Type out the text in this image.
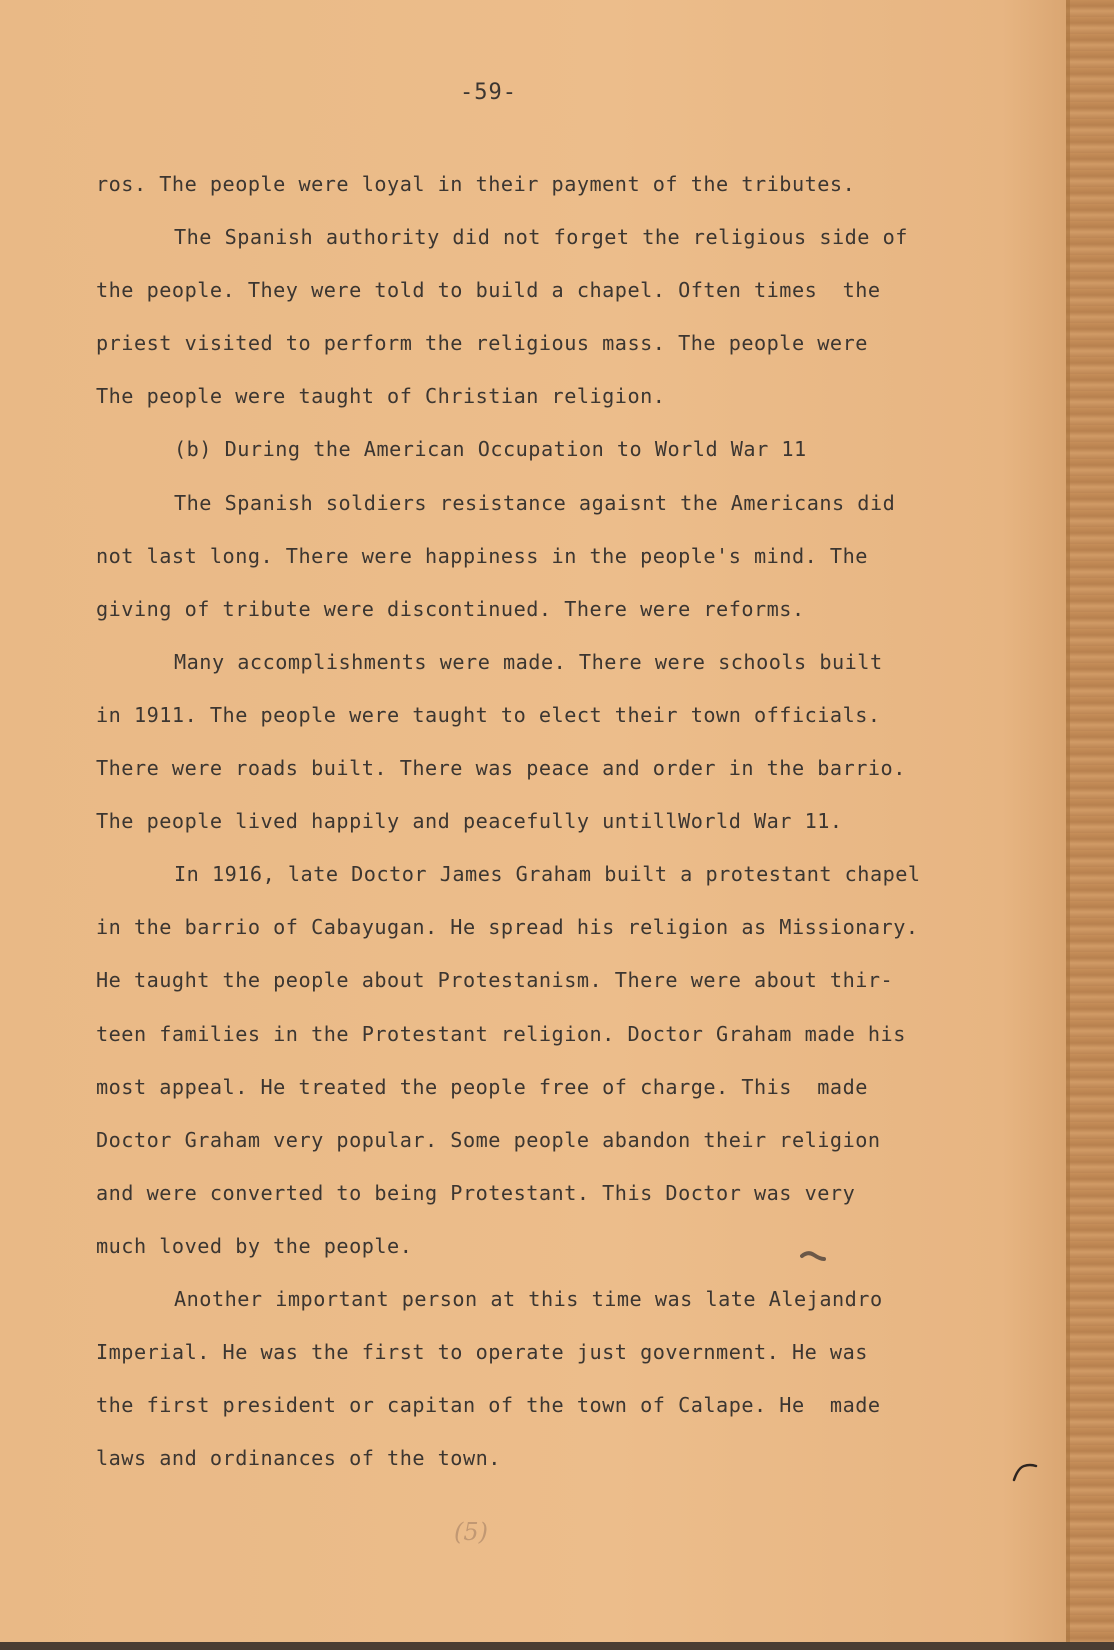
-59-
ros. The people were loyal in their payment of the tributes.
The Spanish authority did not forget the religious side of
the people. They were told to build a chapel. Often times  the
priest visited to perform the religious mass. The people were
The people were taught of Christian religion.
(b) During the American Occupation to World War 11
The Spanish soldiers resistance agaisnt the Americans did
not last long. There were happiness in the people's mind. The
giving of tribute were discontinued. There were reforms.
Many accomplishments were made. There were schools built
in 1911. The people were taught to elect their town officials.
There were roads built. There was peace and order in the barrio.
The people lived happily and peacefully untillWorld War 11.
In 1916, late Doctor James Graham built a protestant chapel
in the barrio of Cabayugan. He spread his religion as Missionary.
He taught the people about Protestanism. There were about thir-
teen families in the Protestant religion. Doctor Graham made his
most appeal. He treated the people free of charge. This  made
Doctor Graham very popular. Some people abandon their religion
and were converted to being Protestant. This Doctor was very
much loved by the people.
Another important person at this time was late Alejandro
Imperial. He was the first to operate just government. He was
the first president or capitan of the town of Calape. He  made
laws and ordinances of the town.
(5)
